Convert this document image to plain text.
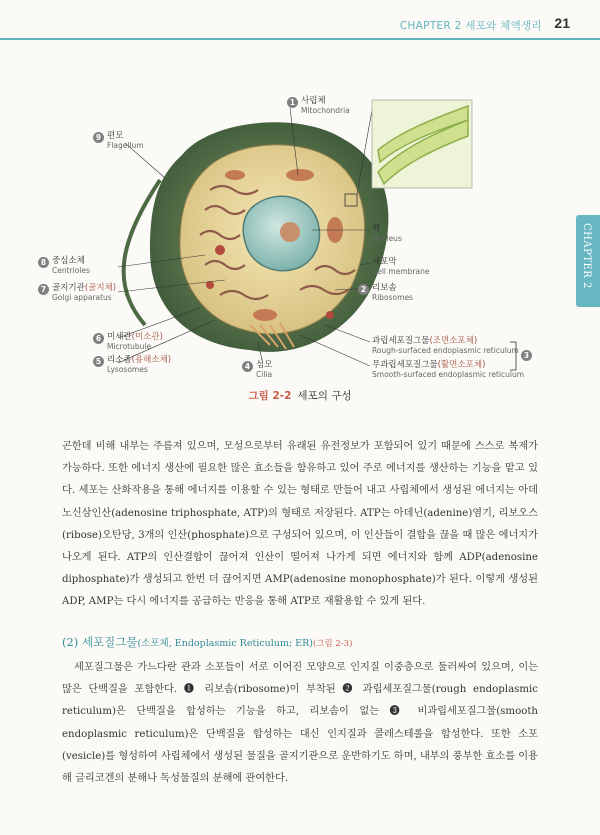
CHAPTER 2 세포와 체액생리 21
CHAPTER 2
1 사립체
Mitochondria
9 편모
Flagellum
핵
Nucleus
8 중심소체
Centrioles
세포막
Cell membrane
7 골지기관(골지체)
Golgi apparatus
2 리보솜
Ribosomes
6 미세관(미소관)
Microtubule
5 리소좀(용해소체)
Lysosomes
과립세포질그물(조면소포체)
Rough-surfaced endoplasmic reticulum
무과립세포질그물(활면소포체)
Smooth-surfaced endoplasmic reticulum
3
4 섬모
Cilia
그림 2-2 세포의 구성
곤한데 비해 내부는 주름져 있으며, 모성으로부터 유래된 유전정보가 포함되어 있기 때문에 스스로 복제가 가능하다. 또한 에너지 생산에 필요한 많은 효소들을 함유하고 있어 주로 에너지를 생산하는 기능을 맡고 있다. 세포는 산화작용을 통해 에너지를 이용할 수 있는 형태로 만들어 내고 사립체에서 생성된 에너지는 아데노신삼인산(adenosine triphosphate, ATP)의 형태로 저장된다. ATP는 아데닌(adenine)염기, 리보오스(ribose)오탄당, 3개의 인산(phosphate)으로 구성되어 있으며, 이 인산들이 결합을 끊을 때 많은 에너지가 나오게 된다. ATP의 인산결합이 끊어져 인산이 떨어져 나가게 되면 에너지와 함께 ADP(adenosine diphosphate)가 생성되고 한번 더 끊어지면 AMP(adenosine monophosphate)가 된다. 이렇게 생성된 ADP, AMP는 다시 에너지를 공급하는 반응을 통해 ATP로 재활용할 수 있게 된다.
(2) 세포질그물(소포체, Endoplasmic Reticulum; ER)(그림 2-3)
세포질그물은 가느다란 관과 소포들이 서로 이어진 모양으로 인지질 이중층으로 둘러싸여 있으며, 이는 많은 단백질을 포함한다. ❶ 리보솜(ribosome)이 부착된 ❷ 과립세포질그물(rough endoplasmic reticulum)은 단백질을 합성하는 기능을 하고, 리보솜이 없는 ❸ 비과립세포질그물(smooth endoplasmic reticulum)은 단백질을 합성하는 대신 인지질과 콜레스테롤을 합성한다. 또한 소포(vesicle)를 형성하여 사립체에서 생성된 물질을 골지기관으로 운반하기도 하며, 내부의 풍부한 효소를 이용해 글리코겐의 분해나 독성물질의 분해에 관여한다.
